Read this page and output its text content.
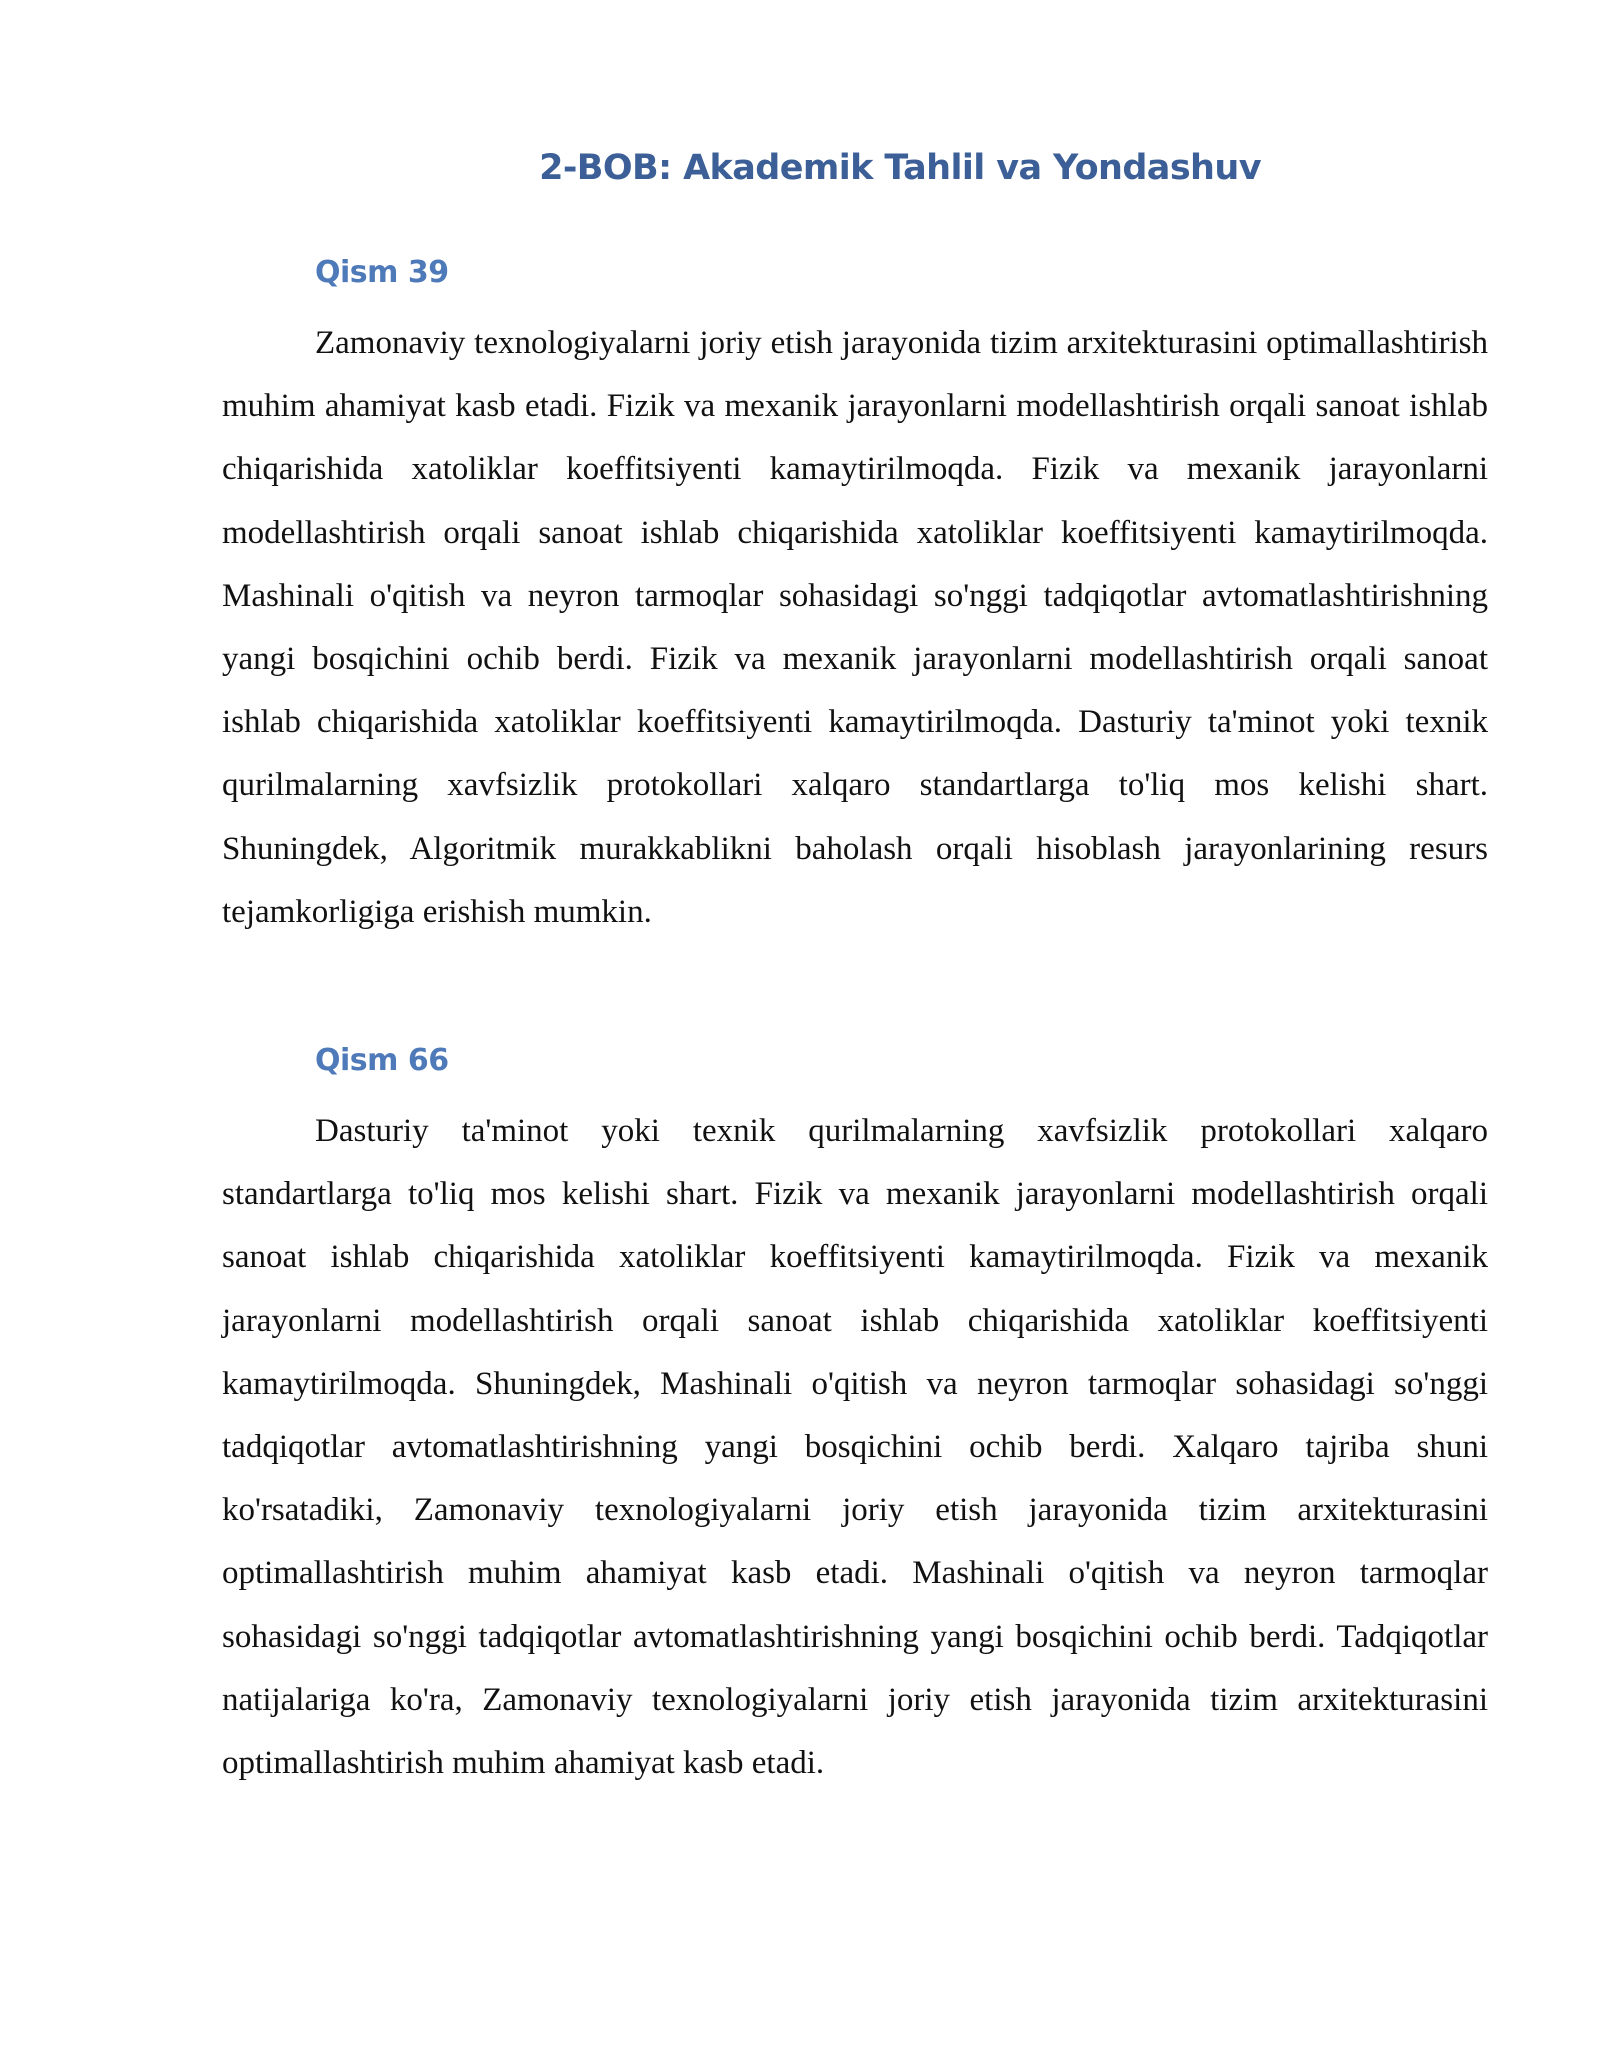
2-BOB: Akademik Tahlil va Yondashuv
Qism 39

Zamonaviy texnologiyalarni joriy etish jarayonida tizim arxitekturasini optimallashtirish muhim ahamiyat kasb etadi. Fizik va mexanik jarayonlarni modellashtirish orqali sanoat ishlab chiqarishida xatoliklar koeffitsiyenti kamaytirilmoqda. Fizik va mexanik jarayonlarni modellashtirish orqali sanoat ishlab chiqarishida xatoliklar koeffitsiyenti kamaytirilmoqda. Mashinali o'qitish va neyron tarmoqlar sohasidagi so'nggi tadqiqotlar avtomatlashtirishning yangi bosqichini ochib berdi. Fizik va mexanik jarayonlarni modellashtirish orqali sanoat ishlab chiqarishida xatoliklar koeffitsiyenti kamaytirilmoqda. Dasturiy ta'minot yoki texnik qurilmalarning xavfsizlik protokollari xalqaro standartlarga to'liq mos kelishi shart. Shuningdek, Algoritmik murakkablikni baholash orqali hisoblash jarayonlarining resurs tejamkorligiga erishish mumkin.

Qism 66

Dasturiy ta'minot yoki texnik qurilmalarning xavfsizlik protokollari xalqaro standartlarga to'liq mos kelishi shart. Fizik va mexanik jarayonlarni modellashtirish orqali sanoat ishlab chiqarishida xatoliklar koeffitsiyenti kamaytirilmoqda. Fizik va mexanik jarayonlarni modellashtirish orqali sanoat ishlab chiqarishida xatoliklar koeffitsiyenti kamaytirilmoqda. Shuningdek, Mashinali o'qitish va neyron tarmoqlar sohasidagi so'nggi tadqiqotlar avtomatlashtirishning yangi bosqichini ochib berdi. Xalqaro tajriba shuni ko'rsatadiki, Zamonaviy texnologiyalarni joriy etish jarayonida tizim arxitekturasini optimallashtirish muhim ahamiyat kasb etadi. Mashinali o'qitish va neyron tarmoqlar sohasidagi so'nggi tadqiqotlar avtomatlashtirishning yangi bosqichini ochib berdi. Tadqiqotlar natijalariga ko'ra, Zamonaviy texnologiyalarni joriy etish jarayonida tizim arxitekturasini optimallashtirish muhim ahamiyat kasb etadi.
